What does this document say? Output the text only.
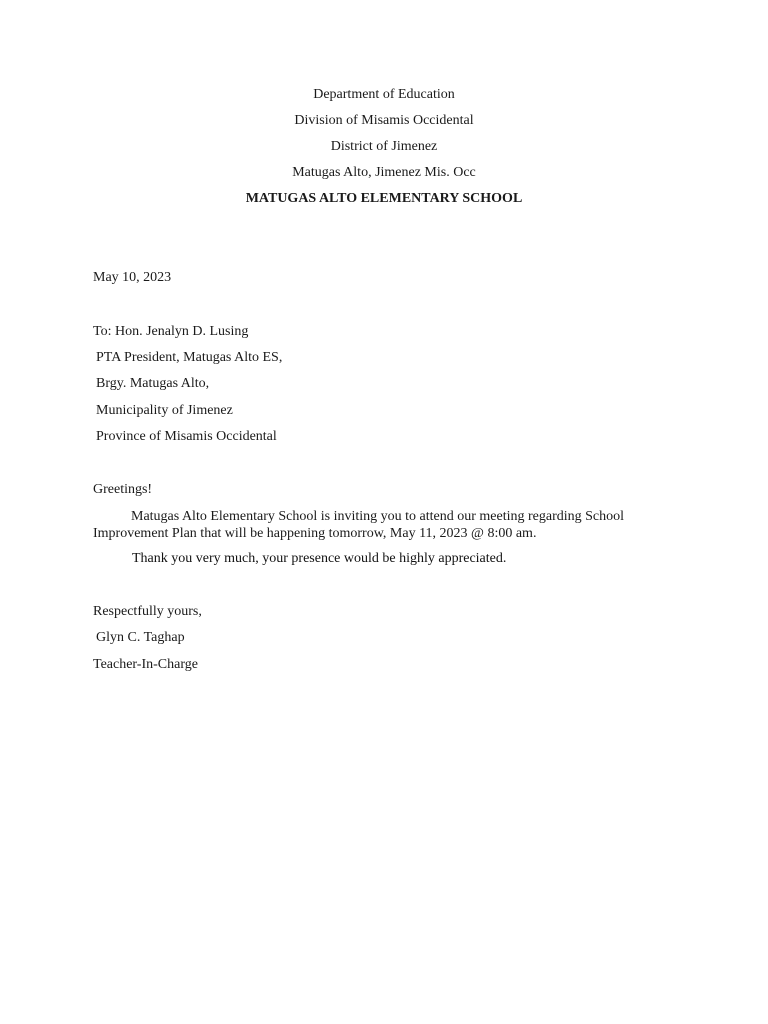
Department of Education
Division of Misamis Occidental
District of Jimenez
Matugas Alto, Jimenez Mis. Occ
MATUGAS ALTO ELEMENTARY SCHOOL
May 10, 2023
To: Hon. Jenalyn D. Lusing
PTA President, Matugas Alto ES,
Brgy. Matugas Alto,
Municipality of Jimenez
Province of Misamis Occidental
Greetings!
Matugas Alto Elementary School is inviting you to attend our meeting regarding School Improvement Plan that will be happening tomorrow, May 11, 2023 @ 8:00 am.
Thank you very much, your presence would be highly appreciated.
Respectfully yours,
Glyn C. Taghap
Teacher-In-Charge
